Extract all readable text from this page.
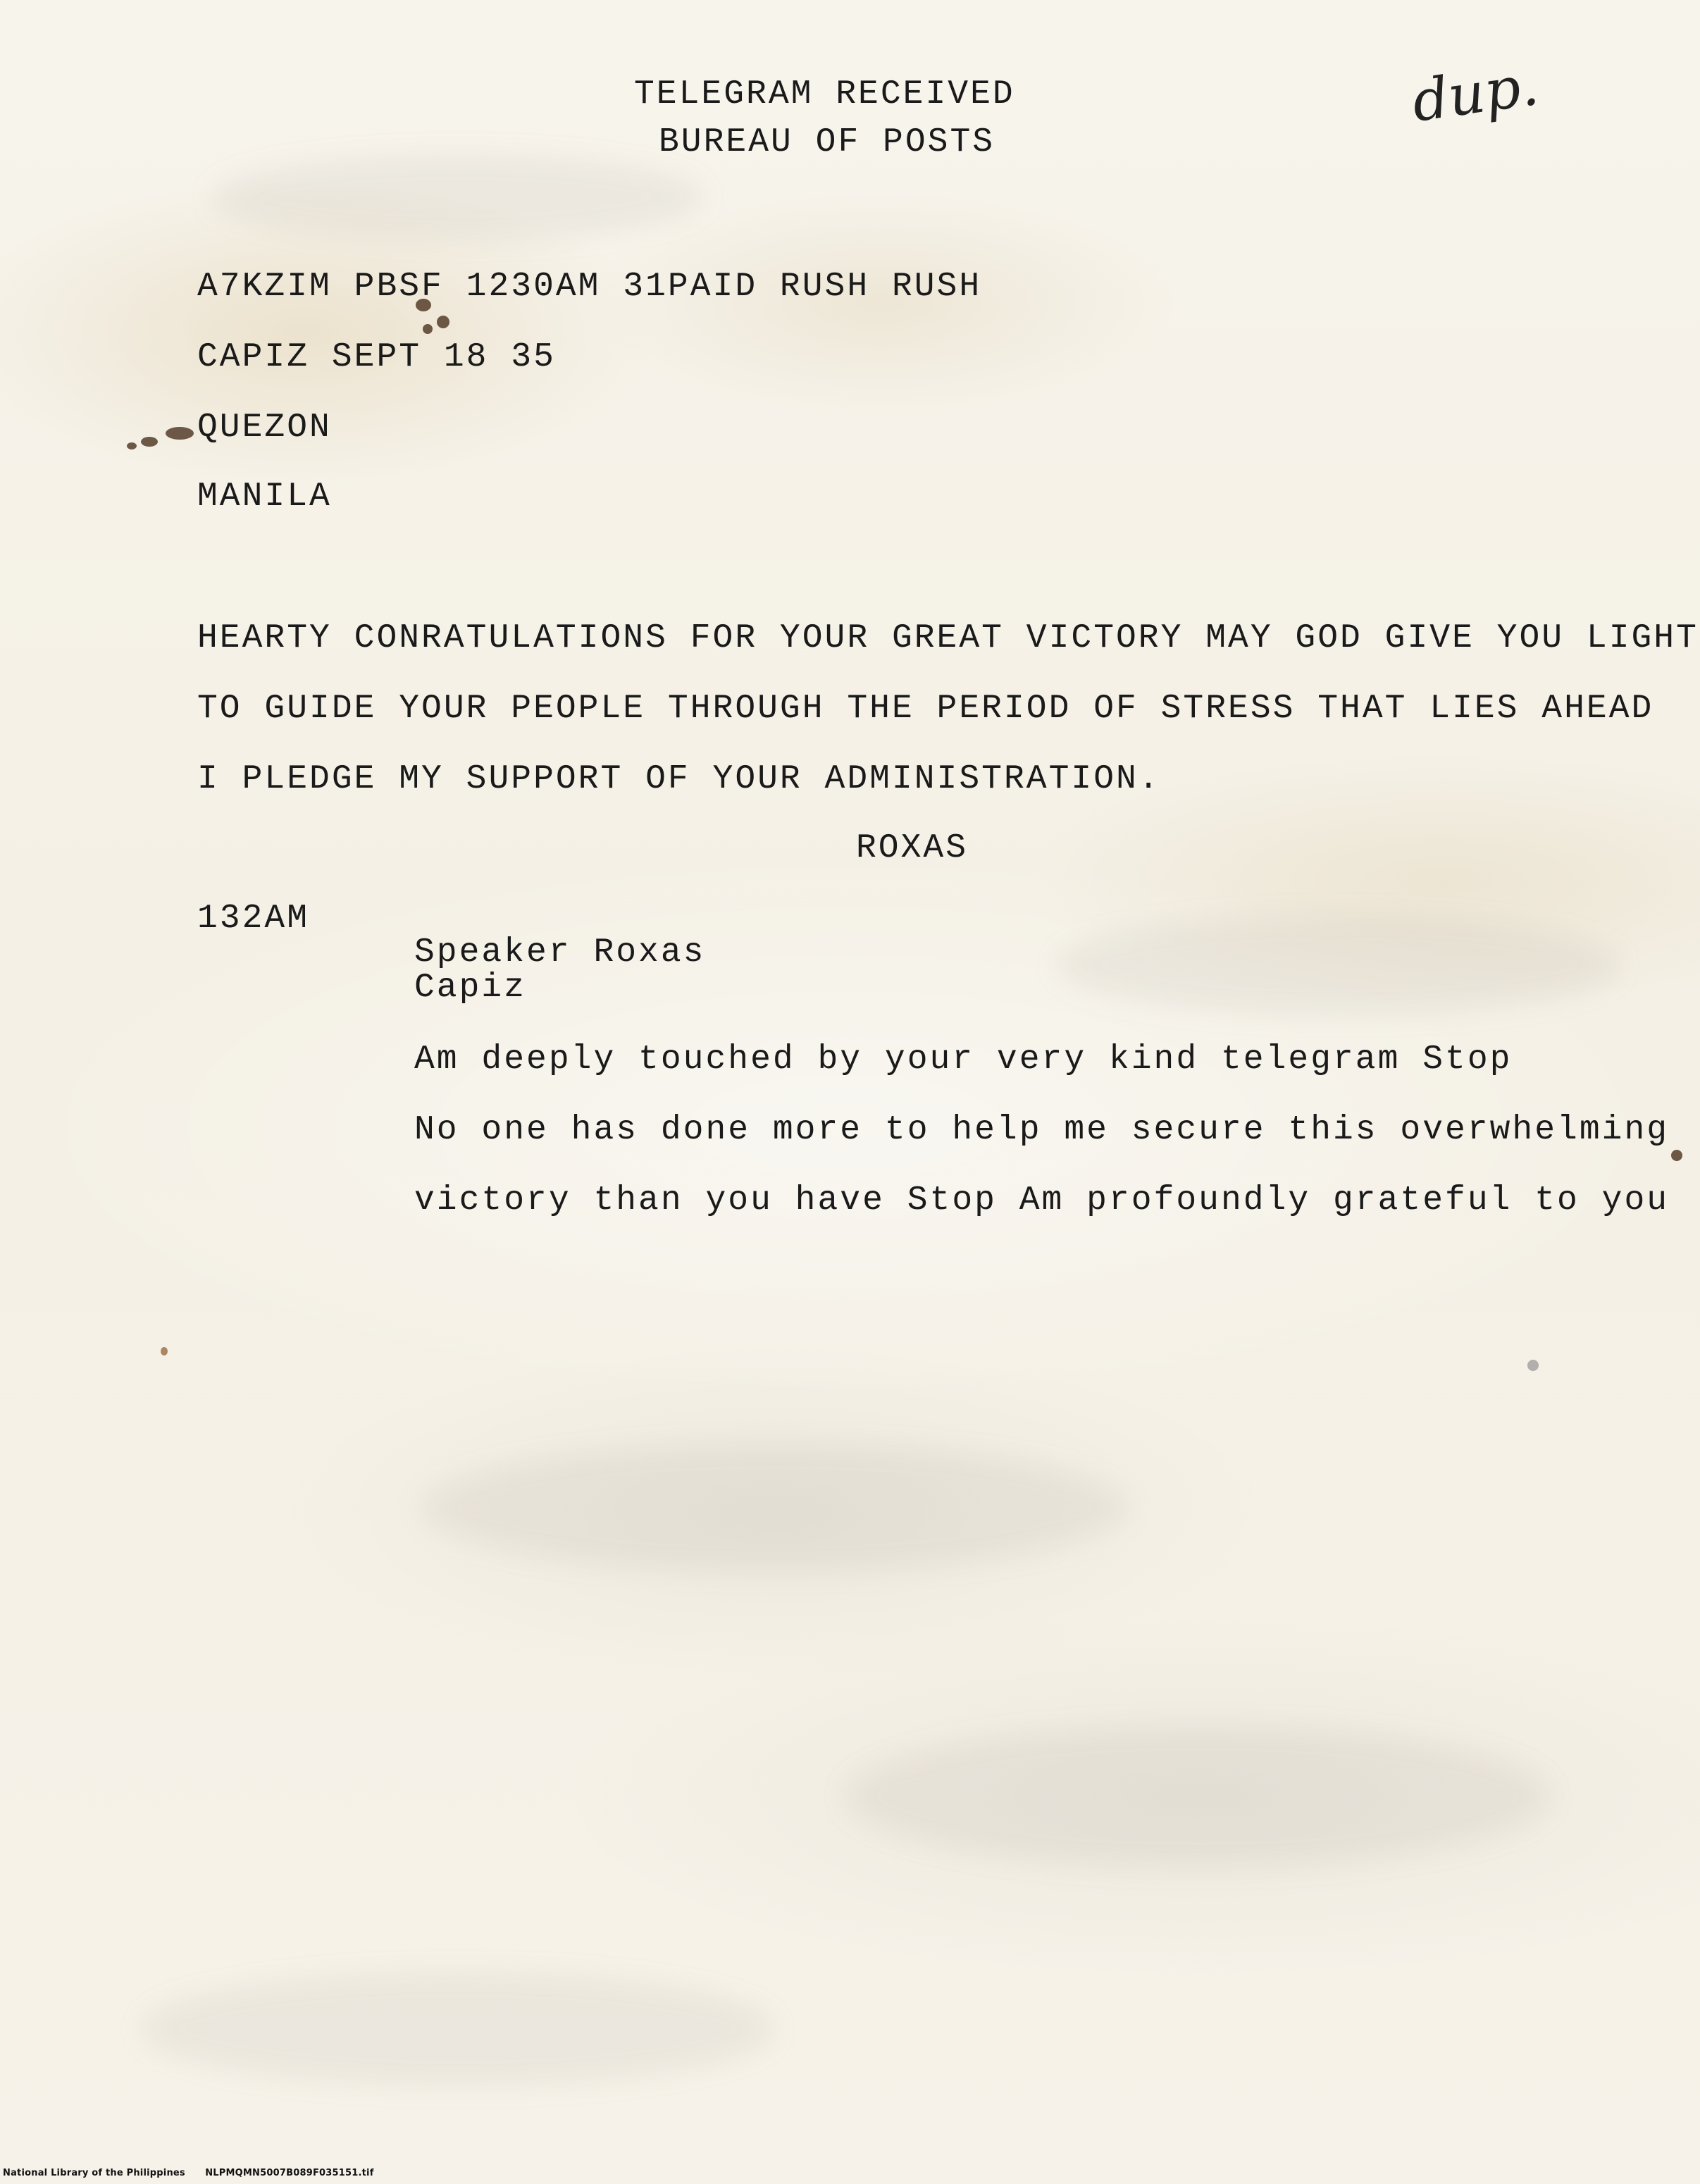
TELEGRAM RECEIVED
BUREAU OF POSTS
dup.
A7KZIM PBSF 1230AM 31PAID RUSH RUSH
CAPIZ SEPT 18 35
QUEZON
MANILA
HEARTY CONRATULATIONS FOR YOUR GREAT VICTORY MAY GOD GIVE YOU LIGHT
TO GUIDE YOUR PEOPLE THROUGH THE PERIOD OF STRESS THAT LIES AHEAD
I PLEDGE MY SUPPORT OF YOUR ADMINISTRATION.
ROXAS
132AM
Speaker Roxas
Capiz
Am deeply touched by your very kind telegram Stop
No one has done more to help me secure this overwhelming
victory than you have Stop Am profoundly grateful to you
National Library of the Philippines NLPMQMN5007B089F035151.tif
